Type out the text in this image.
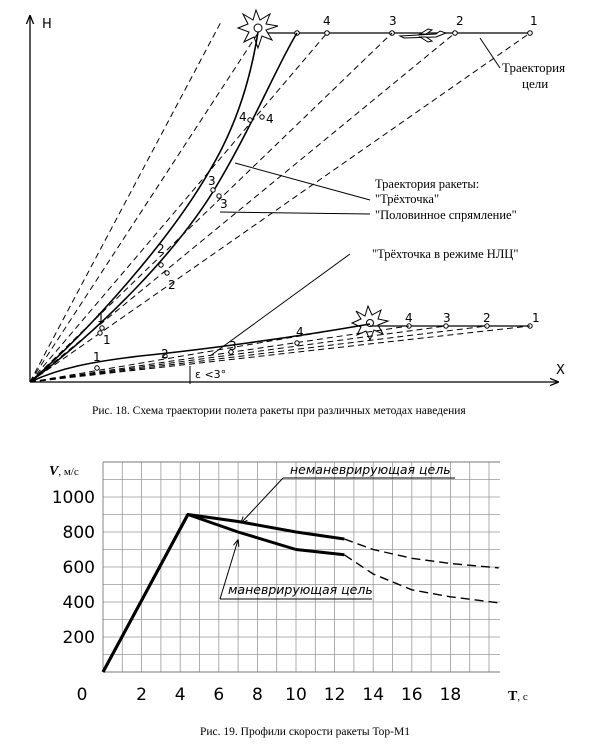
H
X
1
2
3
4
1
2
3
4
1
2
3
4
1
2
3
4
1	2
3
4
ε <3°
Траектория
цели
Траектория ракеты:
"Трёхточка"
"Половинное спрямление"
"Трёхточка в режиме НЛЦ"
Рис. 18. Схема траектории полета ракеты при различных методах наведения
200
400
600
800
1000
0	2 4 6 8 10 12 14 16 18
V, м/с
T, с
неманеврирующая цель
маневрирующая цель
Рис. 19. Профили скорости ракеты Тор-М1
